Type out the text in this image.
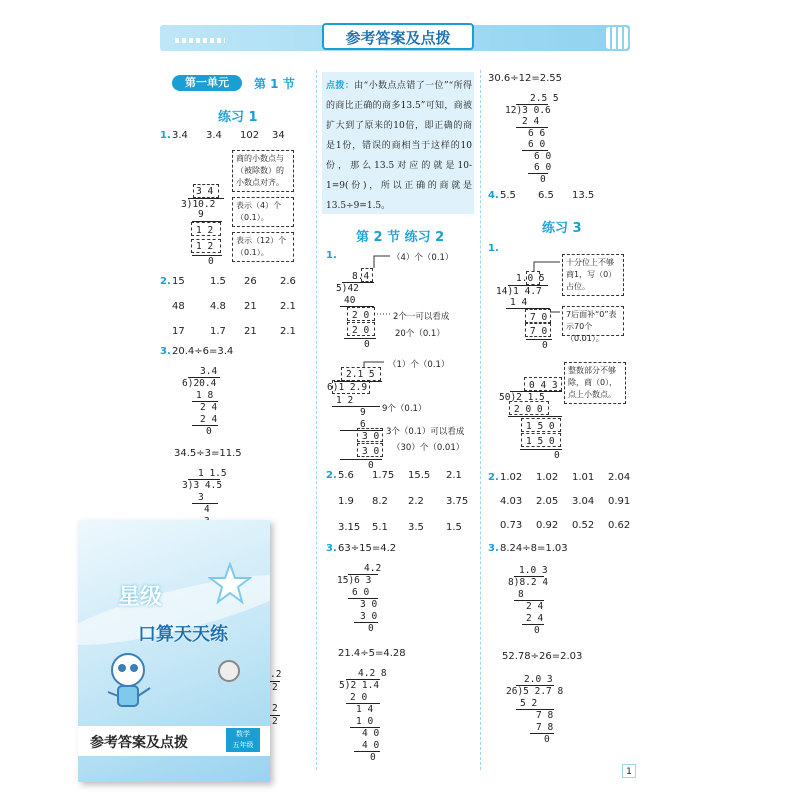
参考答案及点拨
第一单元	第 1 节
练习 1
1. 3.4 3.4 102 34
3 4
3)10.2
9
1 2
1 2
0
商的小数点与（被除数）的小数点对齐。
表示（4）个（0.1）。
表示（12）个（0.1）。
2. 15	1.5 26 2.6
48	4.8 21 2.1
17	1.7 21 2.1
3. 20.4÷6=3.4
3.4
6)20.4
1 8
2 4
2 4
0
34.5÷3=11.5
1 1.5
3)3 4.5
3
4
.2
2
2
2
点拨：由“小数点点错了一位”“所得的商比正确的商多13.5”可知，商被扩大到了原来的10倍，即正确的商是1份，错误的商相当于这样的10份，那么13.5对应的就是10-1=9(份)，所以正确的商就是13.5÷9=1.5。
第 2 节 练习 2
1.
8.4
5)42
40
2 0
2 0
0
（4）个（0.1）
2个一可以看成
20个（0.1）
2.1 5
6)1 2.9
1 2
9
6
3 0
3 0
0
（1）个（0.1）
9个（0.1）
3个（0.1）可以看成
（30）个（0.01）
2. 5.6 1.75 15.5 2.1
1.9 8.2 2.2 3.75
3.15 5.1 3.5 1.5
3. 63÷15=4.2
4.2
15)6 3
6 0
3 0
3 0
0
21.4÷5=4.28
4.2 8
5)2 1.4
2 0
1 4
1 0
4 0
4 0
0
30.6÷12=2.55
2.5 5
12)3 0.6
2 4
6 6
6 0
6 0
6 0
0
4. 5.5 6.5 13.5
练习 3
1.
1.0 5
14)1 4.7
1 4
7 0
7 0
0
十分位上不够商1，写（0）占位。
7后面补“0”表示70个（0.01）。
0 4 3
50)2 1.5
2 0 0
1 5 0
1 5 0
0
整数部分不够除，商（0），点上小数点。
2. 1.02 1.02 1.01 2.04
4.03 2.05 3.04 0.91
0.73 0.92 0.52 0.62
3. 8.24÷8=1.03
1.0 3
8)8.2 4
8
2 4
2 4
0
52.78÷26=2.03
2.0 3
26)5 2.7 8
5 2
7 8
7 8
0
1
星级
口算天天练
参考答案及点拨
数学
五年级
